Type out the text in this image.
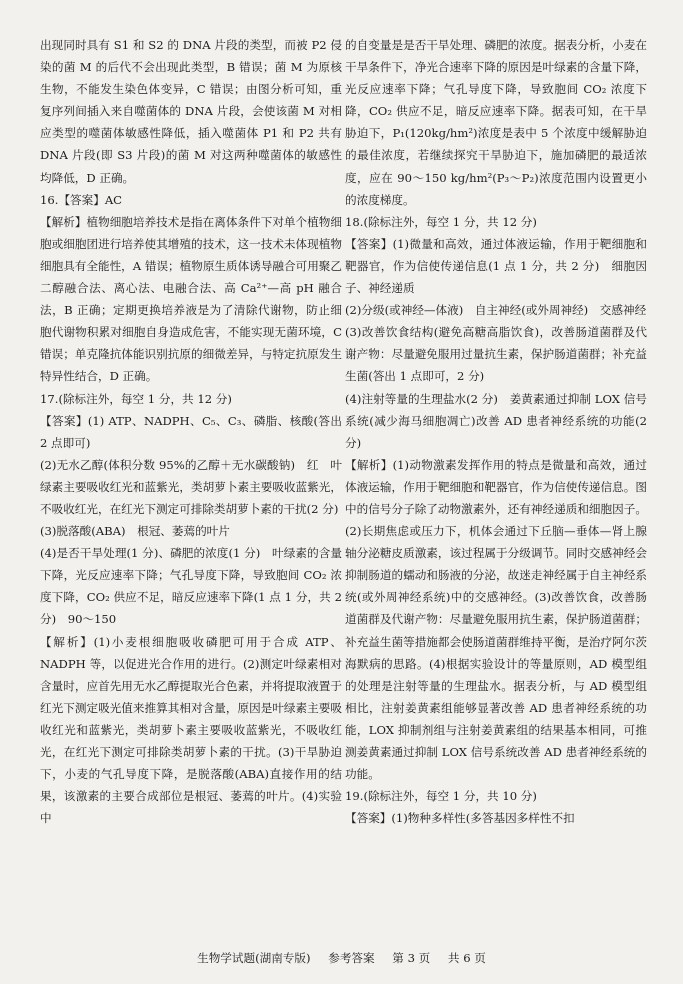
出现同时具有 S1 和 S2 的 DNA 片段的类型，而被 P2 侵染的菌 M 的后代不会出现此类型，B 错误；菌 M 为原核生物，不能发生染色体变异，C 错误；由图分析可知，重复序列间插入来自噬菌体的 DNA 片段，会使该菌 M 对相应类型的噬菌体敏感性降低，插入噬菌体 P1 和 P2 共有 DNA 片段(即 S3 片段)的菌 M 对这两种噬菌体的敏感性均降低，D 正确。

16.【答案】AC

【解析】植物细胞培养技术是指在离体条件下对单个植物细胞或细胞团进行培养使其增殖的技术，这一技术未体现植物细胞具有全能性，A 错误；植物原生质体诱导融合可用聚乙二醇融合法、离心法、电融合法、高 Ca²⁺—高 pH 融合法，B 正确；定期更换培养液是为了清除代谢物，防止细胞代谢物积累对细胞自身造成危害，不能实现无菌环境，C 错误；单克隆抗体能识别抗原的细微差异，与特定抗原发生特异性结合，D 正确。

17.(除标注外，每空 1 分，共 12 分)

【答案】(1) ATP、NADPH、C₅、C₃、磷脂、核酸(答出 2 点即可)

(2)无水乙醇(体积分数 95%的乙醇＋无水碳酸钠)　红　叶绿素主要吸收红光和蓝紫光，类胡萝卜素主要吸收蓝紫光，不吸收红光，在红光下测定可排除类胡萝卜素的干扰(2 分)

(3)脱落酸(ABA)　根冠、萎蔫的叶片

(4)是否干旱处理(1 分)、磷肥的浓度(1 分)　叶绿素的含量下降，光反应速率下降；气孔导度下降，导致胞间 CO₂ 浓度下降，CO₂ 供应不足，暗反应速率下降(1 点 1 分，共 2 分)　90～150

【解析】(1)小麦根细胞吸收磷肥可用于合成 ATP、NADPH 等，以促进光合作用的进行。(2)测定叶绿素相对含量时，应首先用无水乙醇提取光合色素，并将提取液置于红光下测定吸光值来推算其相对含量，原因是叶绿素主要吸收红光和蓝紫光，类胡萝卜素主要吸收蓝紫光，不吸收红光，在红光下测定可排除类胡萝卜素的干扰。(3)干旱胁迫下，小麦的气孔导度下降，是脱落酸(ABA)直接作用的结果，该激素的主要合成部位是根冠、萎蔫的叶片。(4)实验中

的自变量是是否干旱处理、磷肥的浓度。据表分析，小麦在干旱条件下，净光合速率下降的原因是叶绿素的含量下降，光反应速率下降；气孔导度下降，导致胞间 CO₂ 浓度下降，CO₂ 供应不足，暗反应速率下降。据表可知，在干旱胁迫下，P₁(120kg/hm²)浓度是表中 5 个浓度中缓解胁迫的最佳浓度，若继续探究干旱胁迫下，施加磷肥的最适浓度，应在 90～150 kg/hm²(P₃～P₂)浓度范围内设置更小的浓度梯度。

18.(除标注外，每空 1 分，共 12 分)

【答案】(1)微量和高效，通过体液运输，作用于靶细胞和靶器官，作为信使传递信息(1 点 1 分，共 2 分)　细胞因子、神经递质

(2)分级(或神经—体液)　自主神经(或外周神经)　交感神经

(3)改善饮食结构(避免高糖高脂饮食)，改善肠道菌群及代谢产物：尽量避免服用过量抗生素，保护肠道菌群；补充益生菌(答出 1 点即可，2 分)

(4)注射等量的生理盐水(2 分)　姜黄素通过抑制 LOX 信号系统(减少海马细胞凋亡)改善 AD 患者神经系统的功能(2 分)

【解析】(1)动物激素发挥作用的特点是微量和高效，通过体液运输，作用于靶细胞和靶器官，作为信使传递信息。图中的信号分子除了动物激素外，还有神经递质和细胞因子。(2)长期焦虑或压力下，机体会通过下丘脑—垂体—肾上腺轴分泌糖皮质激素，该过程属于分级调节。同时交感神经会抑制肠道的蠕动和肠液的分泌，故迷走神经属于自主神经系统(或外周神经系统)中的交感神经。(3)改善饮食，改善肠道菌群及代谢产物：尽量避免服用抗生素，保护肠道菌群；补充益生菌等措施都会使肠道菌群维持平衡，是治疗阿尔茨海默病的思路。(4)根据实验设计的等量原则，AD 模型组的处理是注射等量的生理盐水。据表分析，与 AD 模型组相比，注射姜黄素组能够显著改善 AD 患者神经系统的功能，LOX 抑制剂组与注射姜黄素组的结果基本相同，可推测姜黄素通过抑制 LOX 信号系统改善 AD 患者神经系统的功能。

19.(除标注外，每空 1 分，共 10 分)

【答案】(1)物种多样性(多答基因多样性不扣

生物学试题(湖南专版) 参考答案 第 3 页 共 6 页
